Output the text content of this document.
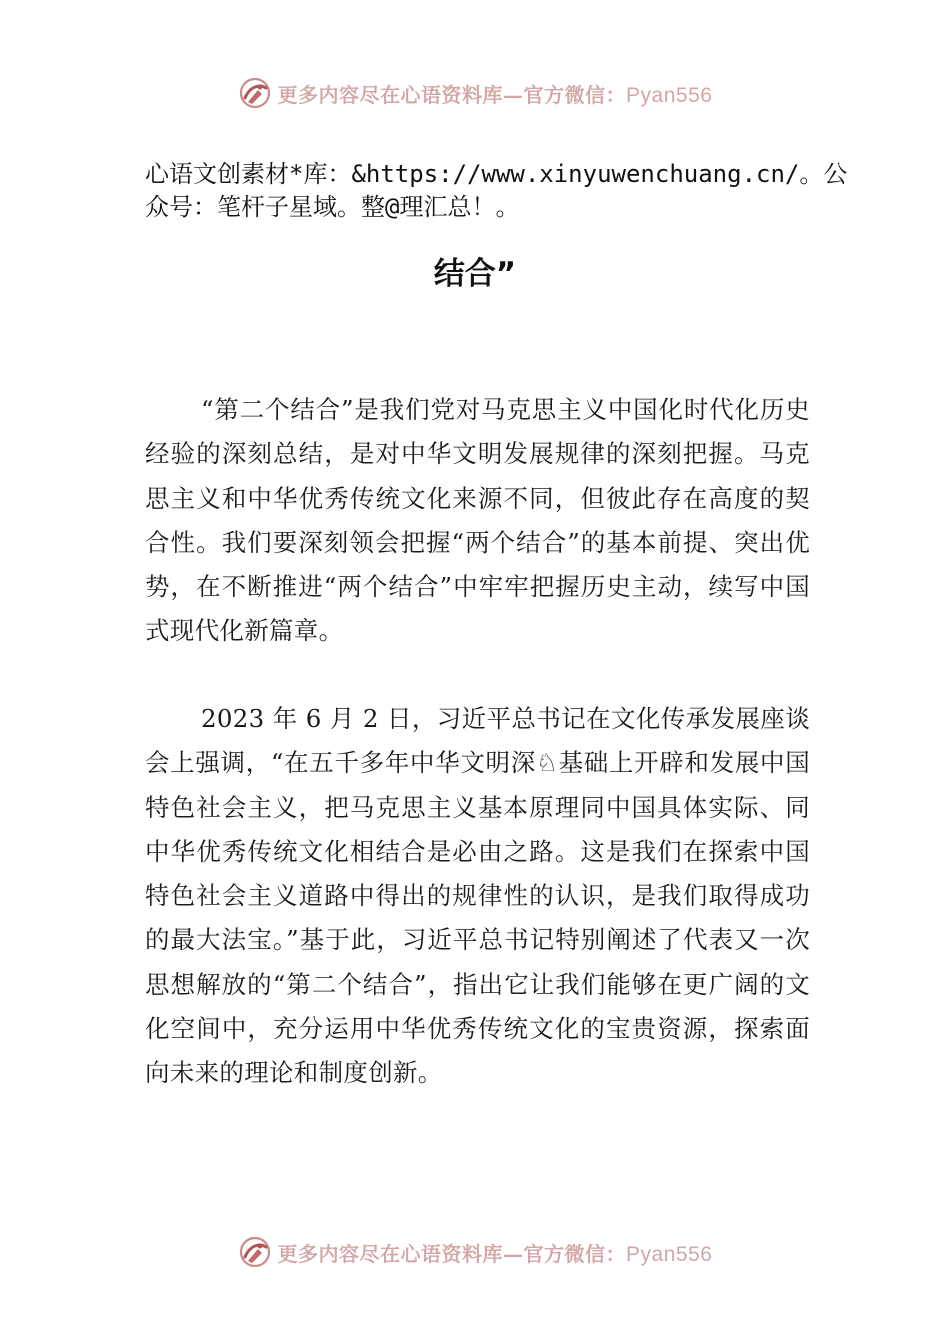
更多内容尽在心语资料库—官方微信：Pyan556
心语文创素材*库：&https://www.xinyuwenchuang.cn/。公众号：笔杆子星域。整@理汇总！。
结合”
“第二个结合”是我们党对马克思主义中国化时代化历史经验的深刻总结，是对中华文明发展规律的深刻把握。马克思主义和中华优秀传统文化来源不同，但彼此存在高度的契合性。我们要深刻领会把握“两个结合”的基本前提、突出优势，在不断推进“两个结合”中牢牢把握历史主动，续写中国式现代化新篇章。
2023 年 6 月 2 日，习近平总书记在文化传承发展座谈会上强调，“在五千多年中华文明深♘基础上开辟和发展中国特色社会主义，把马克思主义基本原理同中国具体实际、同中华优秀传统文化相结合是必由之路。这是我们在探索中国特色社会主义道路中得出的规律性的认识，是我们取得成功的最大法宝。”基于此，习近平总书记特别阐述了代表又一次思想解放的“第二个结合”，指出它让我们能够在更广阔的文化空间中，充分运用中华优秀传统文化的宝贵资源，探索面向未来的理论和制度创新。
更多内容尽在心语资料库—官方微信：Pyan556
